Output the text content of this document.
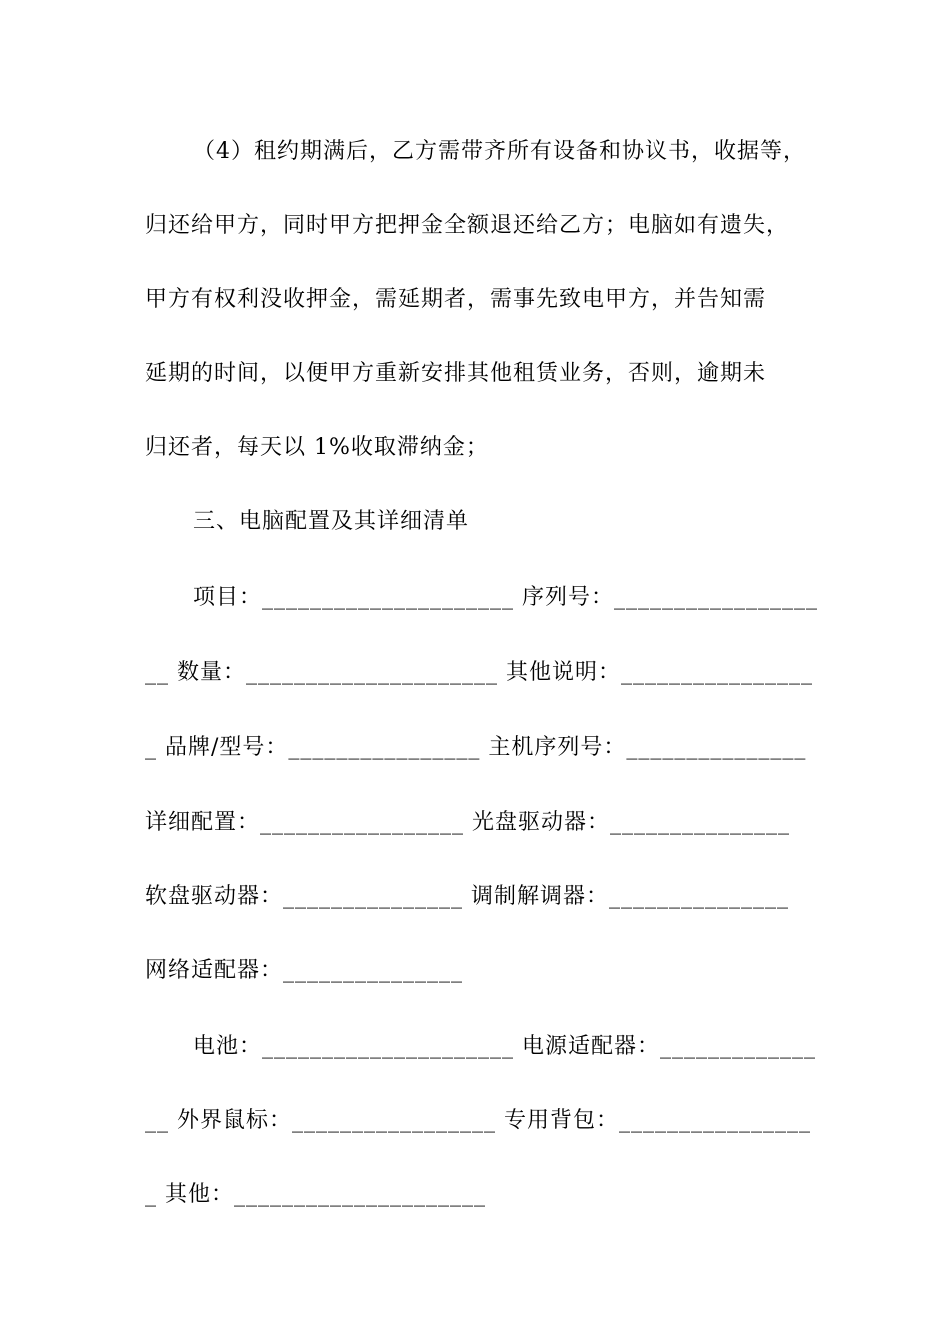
（4）租约期满后，乙方需带齐所有设备和协议书，收据等，
归还给甲方，同时甲方把押金全额退还给乙方；电脑如有遗失，
甲方有权利没收押金，需延期者，需事先致电甲方，并告知需
延期的时间，以便甲方重新安排其他租赁业务，否则，逾期未
归还者，每天以 1%收取滞纳金；
三、电脑配置及其详细清单
项目：_____________________ 序列号：_________________
__ 数量：_____________________ 其他说明：________________
_ 品牌/型号：________________ 主机序列号：_______________
详细配置：_________________ 光盘驱动器：_______________
软盘驱动器：_______________ 调制解调器：_______________
网络适配器：_______________
电池：_____________________ 电源适配器：_____________
__ 外界鼠标：_________________ 专用背包：________________
_ 其他：_____________________
